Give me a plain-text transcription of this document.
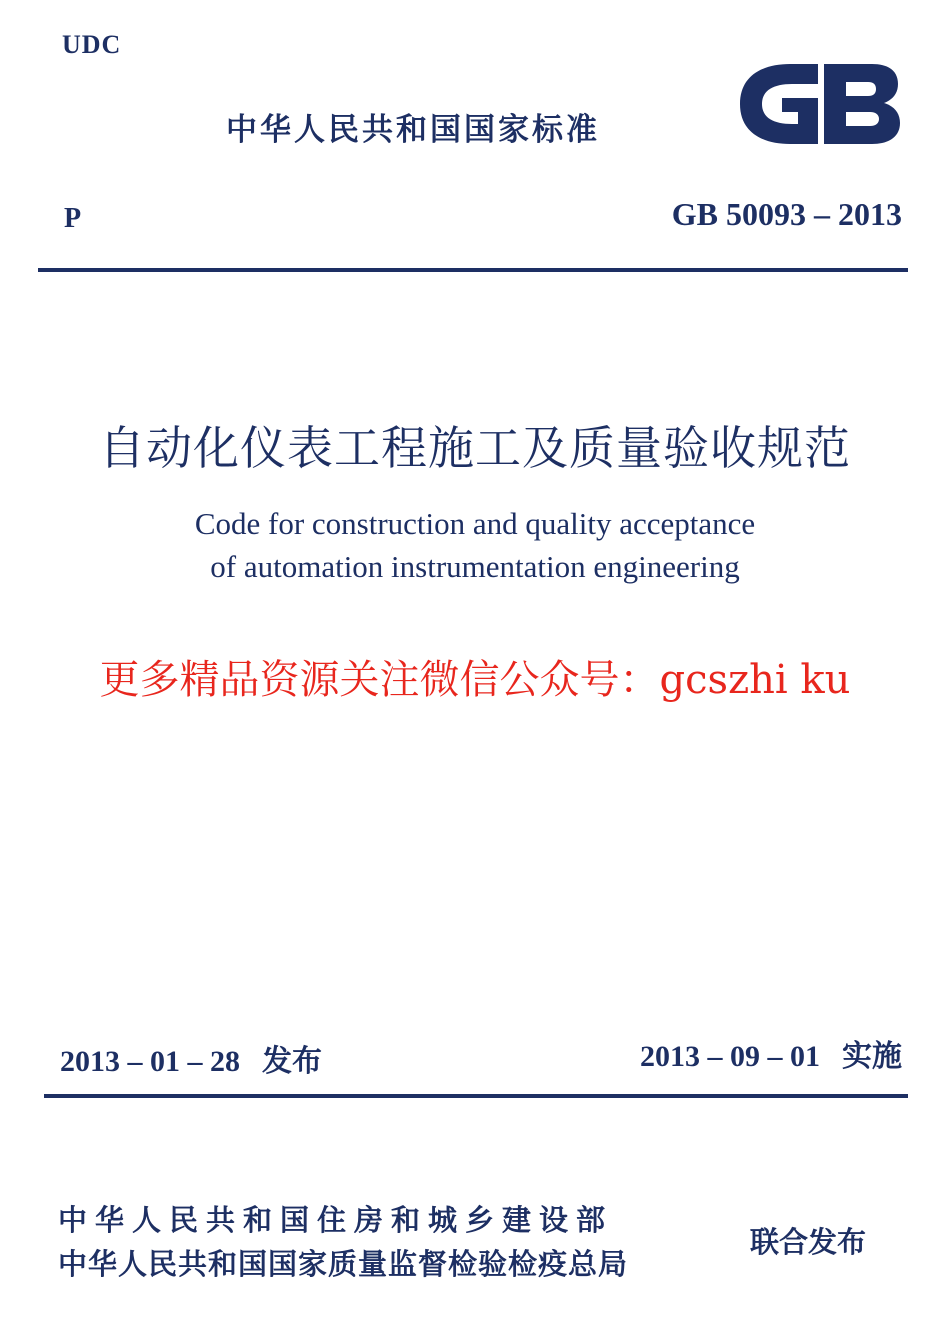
UDC
中华人民共和国国家标准
P	GB 50093 – 2013
自动化仪表工程施工及质量验收规范
Code for construction and quality acceptance
of automation instrumentation engineering
更多精品资源关注微信公众号：gcszhi ku
2013 – 01 – 28 发布	2013 – 09 – 01 实施
中华人民共和国住房和城乡建设部
中华人民共和国国家质量监督检验检疫总局
联合发布
